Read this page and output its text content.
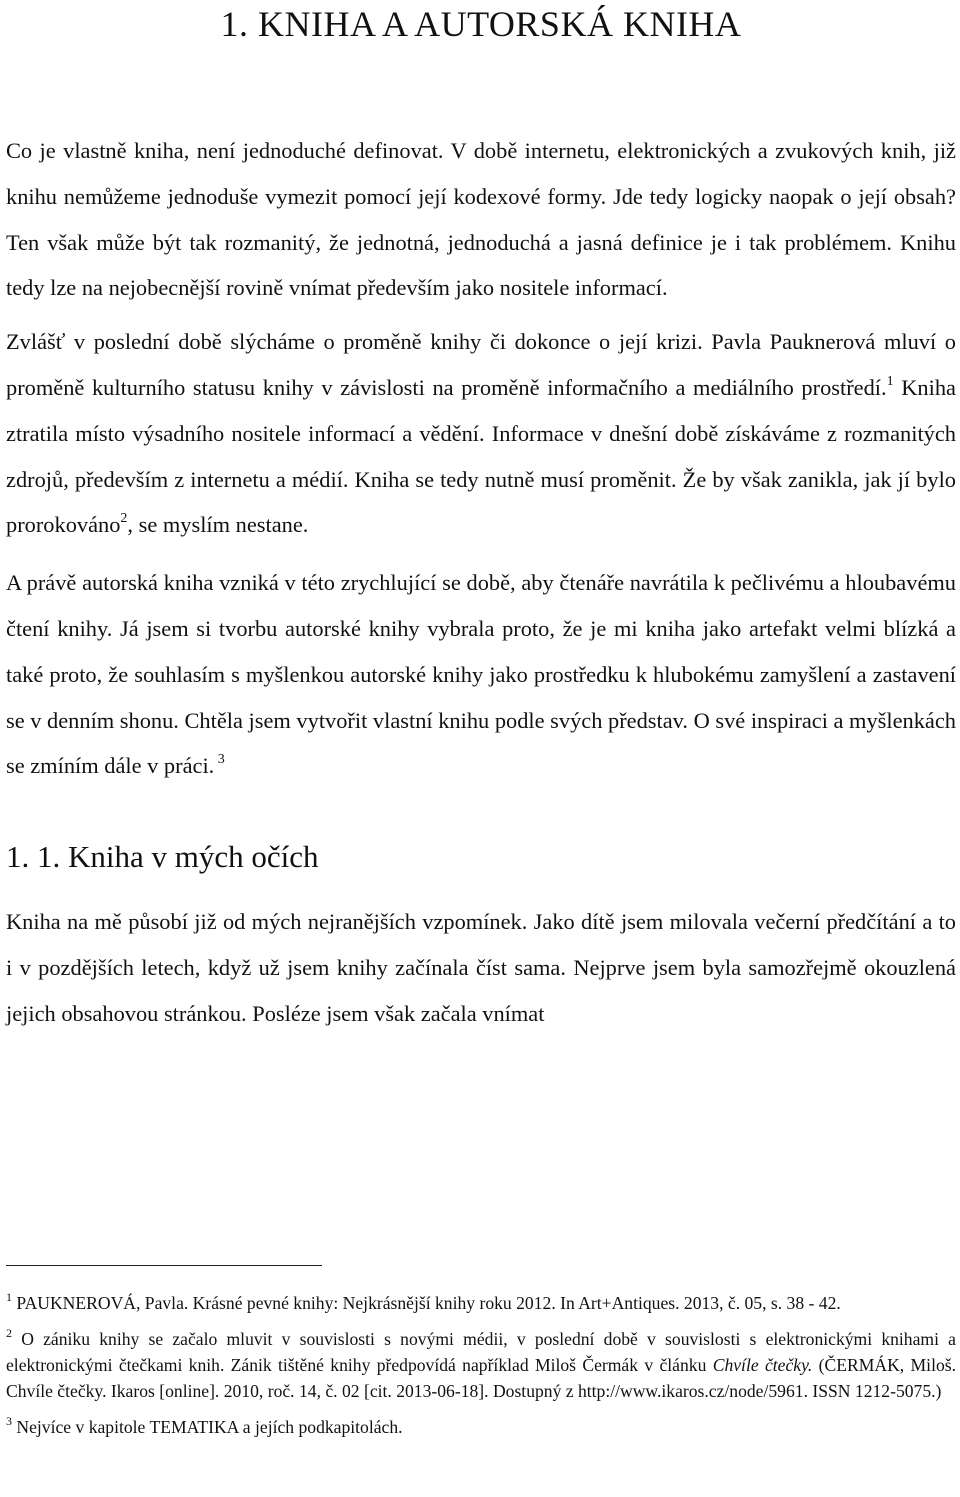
1. KNIHA A AUTORSKÁ KNIHA

Co je vlastně kniha, není jednoduché definovat. V době internetu, elektronických a zvukových knih, již knihu nemůžeme jednoduše vymezit pomocí její kodexové formy. Jde tedy logicky naopak o její obsah? Ten však může být tak rozmanitý, že jednotná, jednoduchá a jasná definice je i tak problémem. Knihu tedy lze na nejobecnější rovině vnímat především jako nositele informací.

Zvlášť v poslední době slýcháme o proměně knihy či dokonce o její krizi. Pavla Pauknerová mluví o proměně kulturního statusu knihy v závislosti na proměně informačního a mediálního prostředí.$^1$ Kniha ztratila místo výsadního nositele informací a vědění. Informace v dnešní době získáváme z rozmanitých zdrojů, především z internetu a médií. Kniha se tedy nutně musí proměnit. Že by však zanikla, jak jí bylo prorokováno$^2$, se myslím nestane.

A právě autorská kniha vzniká v této zrychlující se době, aby čtenáře navrátila k pečlivému a hloubavému čtení knihy. Já jsem si tvorbu autorské knihy vybrala proto, že je mi kniha jako artefakt velmi blízká a také proto, že souhlasím s myšlenkou autorské knihy jako prostředku k hlubokému zamyšlení a zastavení se v denním shonu. Chtěla jsem vytvořit vlastní knihu podle svých představ. O své inspiraci a myšlenkách se zmíním dále v práci. $^3$

1. 1. Kniha v mých očích

Kniha na mě působí již od mých nejranějších vzpomínek. Jako dítě jsem milovala večerní předčítání a to i v pozdějších letech, když už jsem knihy začínala číst sama. Nejprve jsem byla samozřejmě okouzlená jejich obsahovou stránkou. Posléze jsem však začala vnímat

$^1$ PAUKNEROVÁ, Pavla. Krásné pevné knihy: Nejkrásnější knihy roku 2012. In Art+Antiques. 2013, č. 05, s. 38 - 42.

$^2$ O zániku knihy se začalo mluvit v souvislosti s novými médii, v poslední době v souvislosti s elektronickými knihami a elektronickými čtečkami knih. Zánik tištěné knihy předpovídá například Miloš Čermák v článku Chvíle čtečky. (ČERMÁK, Miloš. Chvíle čtečky. Ikaros [online]. 2010, roč. 14, č. 02 [cit. 2013-06-18]. Dostupný z http://www.ikaros.cz/node/5961. ISSN 1212-5075.)

$^3$ Nejvíce v kapitole TEMATIKA a jejích podkapitolách.
